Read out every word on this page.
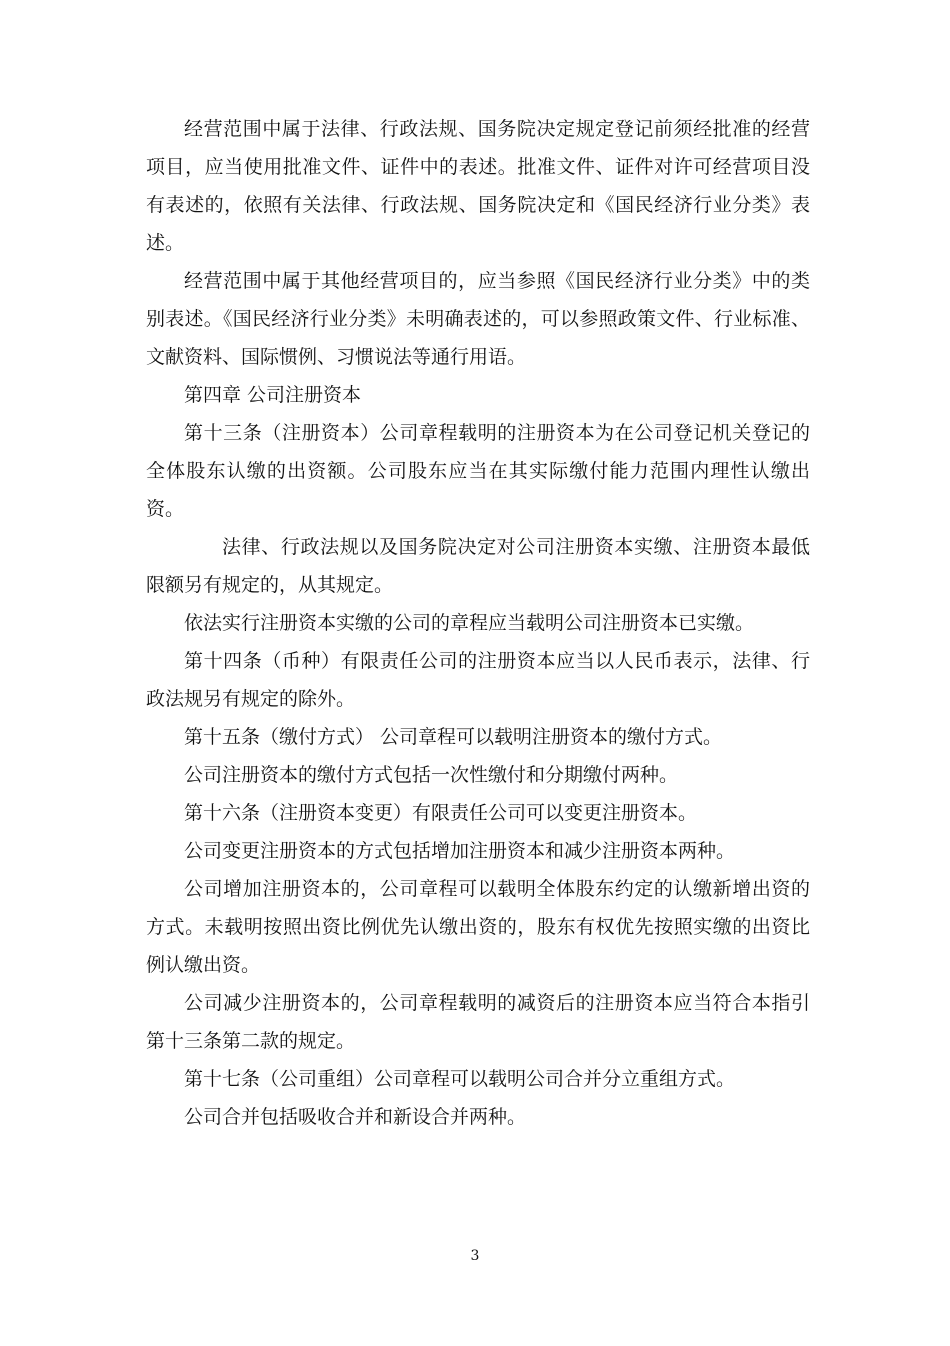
经营范围中属于法律、行政法规、国务院决定规定登记前须经批准的经营项目，应当使用批准文件、证件中的表述。批准文件、证件对许可经营项目没有表述的，依照有关法律、行政法规、国务院决定和《国民经济行业分类》表述。

经营范围中属于其他经营项目的，应当参照《国民经济行业分类》中的类别表述。《国民经济行业分类》未明确表述的，可以参照政策文件、行业标准、文献资料、国际惯例、习惯说法等通行用语。

第四章 公司注册资本

第十三条（注册资本）公司章程载明的注册资本为在公司登记机关登记的全体股东认缴的出资额。公司股东应当在其实际缴付能力范围内理性认缴出资。

法律、行政法规以及国务院决定对公司注册资本实缴、注册资本最低限额另有规定的，从其规定。

依法实行注册资本实缴的公司的章程应当载明公司注册资本已实缴。

第十四条（币种）有限责任公司的注册资本应当以人民币表示，法律、行政法规另有规定的除外。

第十五条（缴付方式） 公司章程可以载明注册资本的缴付方式。

公司注册资本的缴付方式包括一次性缴付和分期缴付两种。

第十六条（注册资本变更）有限责任公司可以变更注册资本。

公司变更注册资本的方式包括增加注册资本和减少注册资本两种。

公司增加注册资本的，公司章程可以载明全体股东约定的认缴新增出资的方式。未载明按照出资比例优先认缴出资的，股东有权优先按照实缴的出资比例认缴出资。

公司减少注册资本的，公司章程载明的减资后的注册资本应当符合本指引第十三条第二款的规定。

第十七条（公司重组）公司章程可以载明公司合并分立重组方式。

公司合并包括吸收合并和新设合并两种。

3
